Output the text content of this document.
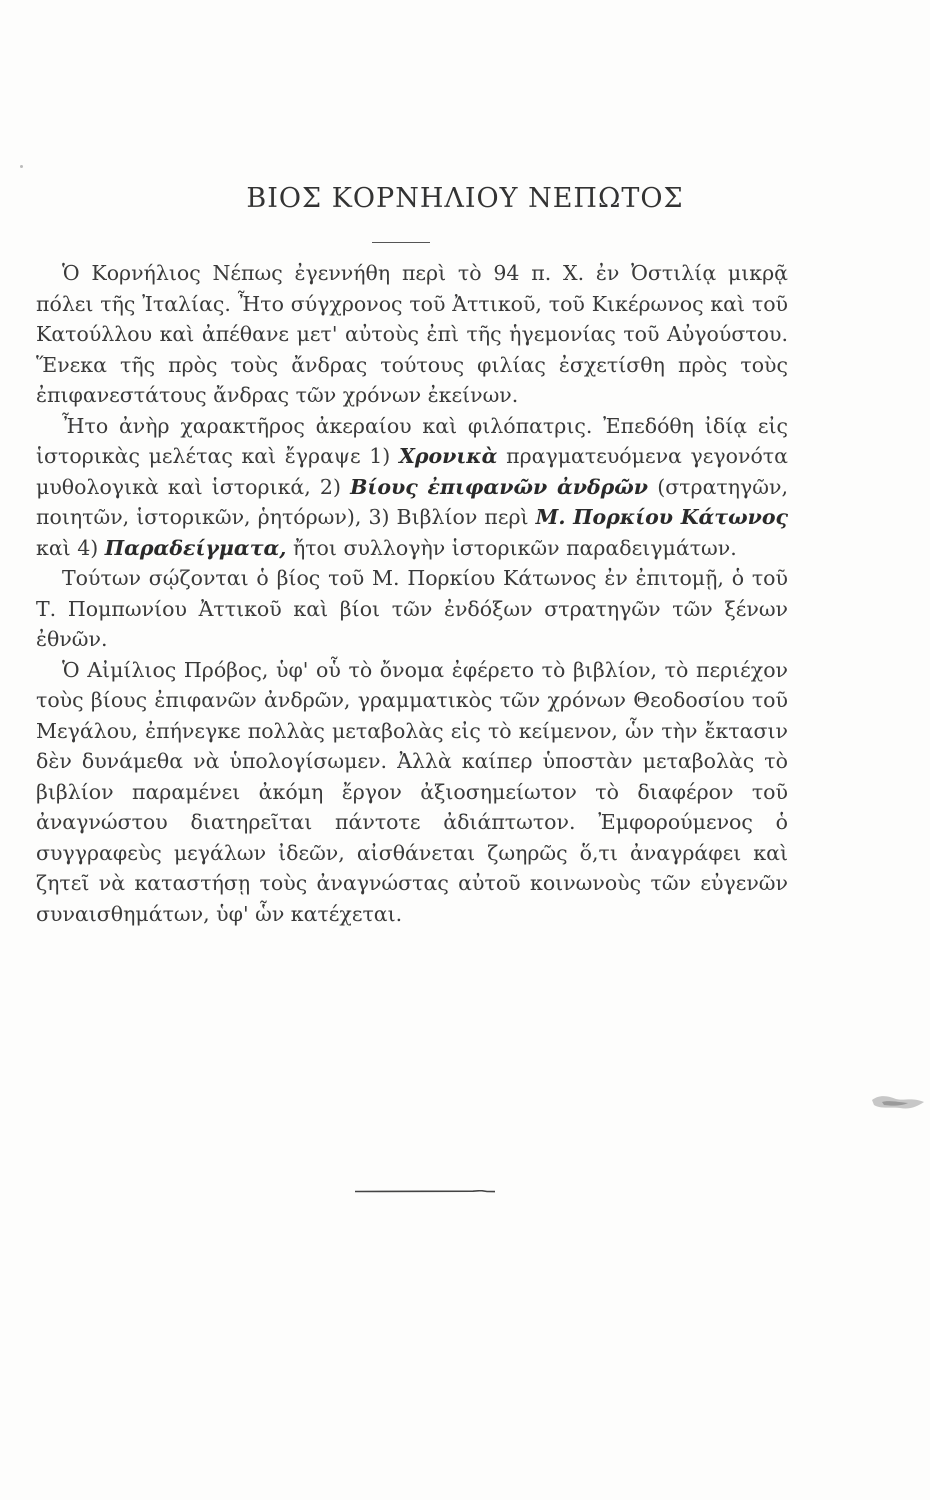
ΒΙΟΣ ΚΟΡΝΗΛΙΟΥ ΝΕΠΩΤΟΣ

Ὁ Κορνήλιος Νέπως ἐγεννήθη περὶ τὸ 94 π. Χ. ἐν Ὀστιλίᾳ μικρᾷ πόλει τῆς Ἰταλίας. Ἦτο σύγχρονος τοῦ Ἀττικοῦ, τοῦ Κικέρωνος καὶ τοῦ Κατούλλου καὶ ἀπέθανε μετ' αὐτοὺς ἐπὶ τῆς ἡγεμονίας τοῦ Αὐγούστου. Ἕνεκα τῆς πρὸς τοὺς ἄνδρας τούτους φιλίας ἐσχετίσθη πρὸς τοὺς ἐπιφανεστάτους ἄνδρας τῶν χρόνων ἐκείνων.

Ἦτο ἀνὴρ χαρακτῆρος ἀκεραίου καὶ φιλόπατρις. Ἐπεδόθη ἰδίᾳ εἰς ἱστορικὰς μελέτας καὶ ἔγραψε 1) Χρονικὰ πραγματευόμενα γεγονότα μυθολογικὰ καὶ ἱστορικά, 2) Βίους ἐπιφανῶν ἀνδρῶν (στρατηγῶν, ποιητῶν, ἱστορικῶν, ῥητόρων), 3) Βιβλίον περὶ Μ. Πορκίου Κάτωνος καὶ 4) Παραδείγματα, ἤτοι συλλογὴν ἱστορικῶν παραδειγμάτων.

Τούτων σῴζονται ὁ βίος τοῦ Μ. Πορκίου Κάτωνος ἐν ἐπιτομῇ, ὁ τοῦ Τ. Πομπωνίου Ἀττικοῦ καὶ βίοι τῶν ἐνδόξων στρατηγῶν τῶν ξένων ἐθνῶν.

Ὁ Αἰμίλιος Πρόβος, ὑφ' οὗ τὸ ὄνομα ἐφέρετο τὸ βιβλίον, τὸ περιέχον τοὺς βίους ἐπιφανῶν ἀνδρῶν, γραμματικὸς τῶν χρόνων Θεοδοσίου τοῦ Μεγάλου, ἐπήνεγκε πολλὰς μεταβολὰς εἰς τὸ κείμενον, ὧν τὴν ἔκτασιν δὲν δυνάμεθα νὰ ὑπολογίσωμεν. Ἀλλὰ καίπερ ὑποστὰν μεταβολὰς τὸ βιβλίον παραμένει ἀκόμη ἔργον ἀξιοσημείωτον τὸ διαφέρον τοῦ ἀναγνώστου διατηρεῖται πάντοτε ἀδιάπτωτον. Ἐμφορούμενος ὁ συγγραφεὺς μεγάλων ἰδεῶν, αἰσθάνεται ζωηρῶς ὅ,τι ἀναγράφει καὶ ζητεῖ νὰ καταστήσῃ τοὺς ἀναγνώστας αὐτοῦ κοινωνοὺς τῶν εὐγενῶν συναισθημάτων, ὑφ' ὧν κατέχεται.
